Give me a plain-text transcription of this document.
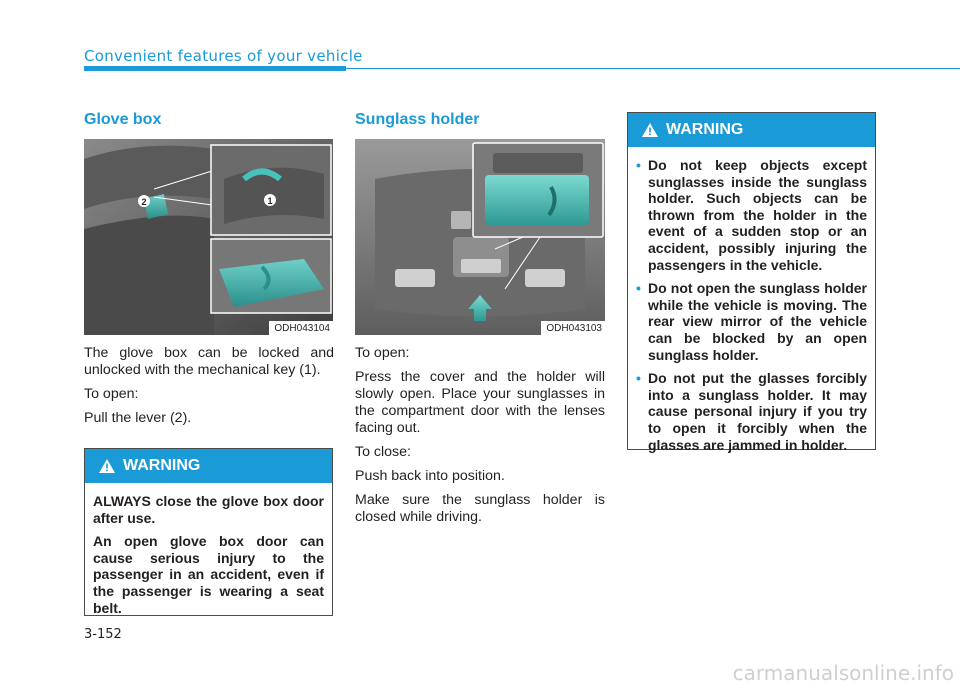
Convenient features of your vehicle
Glove box
2	1
ODH043104

The glove box can be locked and unlocked with the mechanical key (1).

To open:

Pull the lever (2).

WARNING

ALWAYS close the glove box door after use.

An open glove box door can cause serious injury to the passenger in an accident, even if the passenger is wearing a seat belt.

Sunglass holder
ODH043103

To open:

Press the cover and the holder will slowly open. Place your sunglasses in the compartment door with the lenses facing out.

To close:

Push back into position.

Make sure the sunglass holder is closed while driving.

WARNING
• Do not keep objects except sunglasses inside the sunglass holder. Such objects can be thrown from the holder in the event of a sudden stop or an accident, possibly injuring the passengers in the vehicle.
• Do not open the sunglass holder while the vehicle is moving. The rear view mirror of the vehicle can be blocked by an open sunglass holder.
• Do not put the glasses forcibly into a sunglass holder. It may cause personal injury if you try to open it forcibly when the glasses are jammed in holder.
3-152
carmanualsonline.info
